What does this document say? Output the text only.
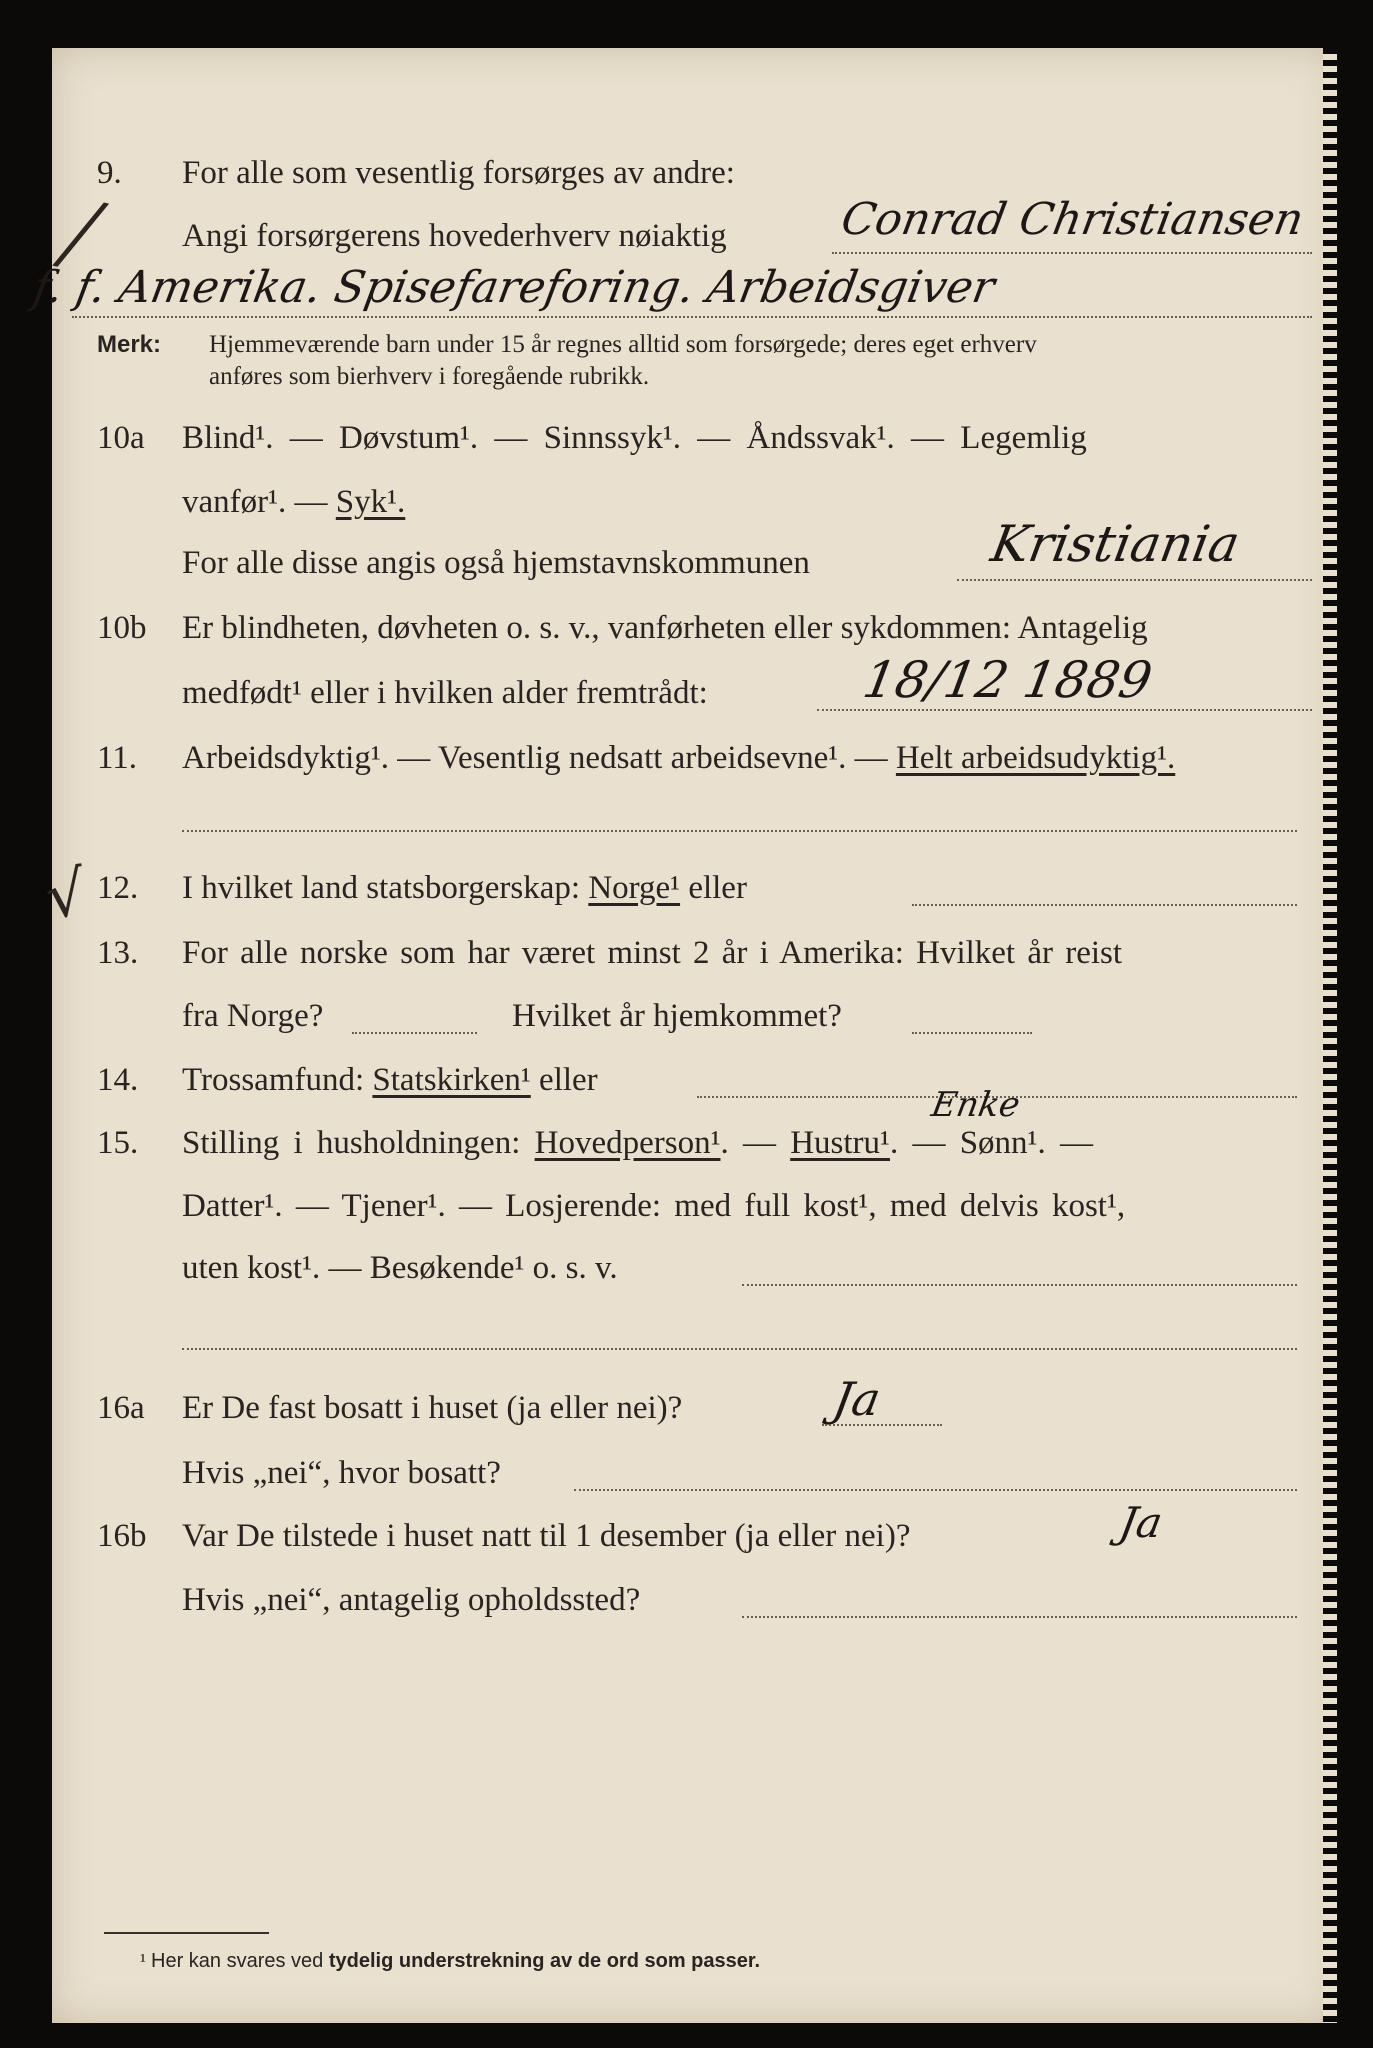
╱
√
9. For alle som vesentlig forsørges av andre:
Angi forsørgerens hovederhverv nøiaktig	Conrad Christiansen
f. f. Amerika. Spisefareforing. Arbeidsgiver
Merk: Hjemmeværende barn under 15 år regnes alltid som forsørgede; deres eget erhverv
anføres som bierhverv i foregående rubrikk.
10a Blind¹. — Døvstum¹. — Sinnssyk¹. — Åndssvak¹. — Legemlig
vanfør¹. — Syk¹.
For alle disse angis også hjemstavnskommunen	Kristiania
10b Er blindheten, døvheten o. s. v., vanførheten eller sykdommen: Antagelig
medfødt¹ eller i hvilken alder fremtrådt:	18/12 1889
11. Arbeidsdyktig¹. — Vesentlig nedsatt arbeidsevne¹. — Helt arbeidsudyktig¹.
12. I hvilket land statsborgerskap: Norge¹ eller
13. For alle norske som har været minst 2 år i Amerika: Hvilket år reist
fra Norge?	Hvilket år hjemkommet?
14. Trossamfund: Statskirken¹ eller
15. Stilling i husholdningen: Hovedperson¹. — Hustru¹. — Sønn¹. —
Enke
Datter¹. — Tjener¹. — Losjerende: med full kost¹, med delvis kost¹,
uten kost¹. — Besøkende¹ o. s. v.
16a Er De fast bosatt i huset (ja eller nei)?	Ja
Hvis „nei“, hvor bosatt?
16b Var De tilstede i huset natt til 1 desember (ja eller nei)?	Ja
Hvis „nei“, antagelig opholdssted?
¹ Her kan svares ved tydelig understrekning av de ord som passer.
